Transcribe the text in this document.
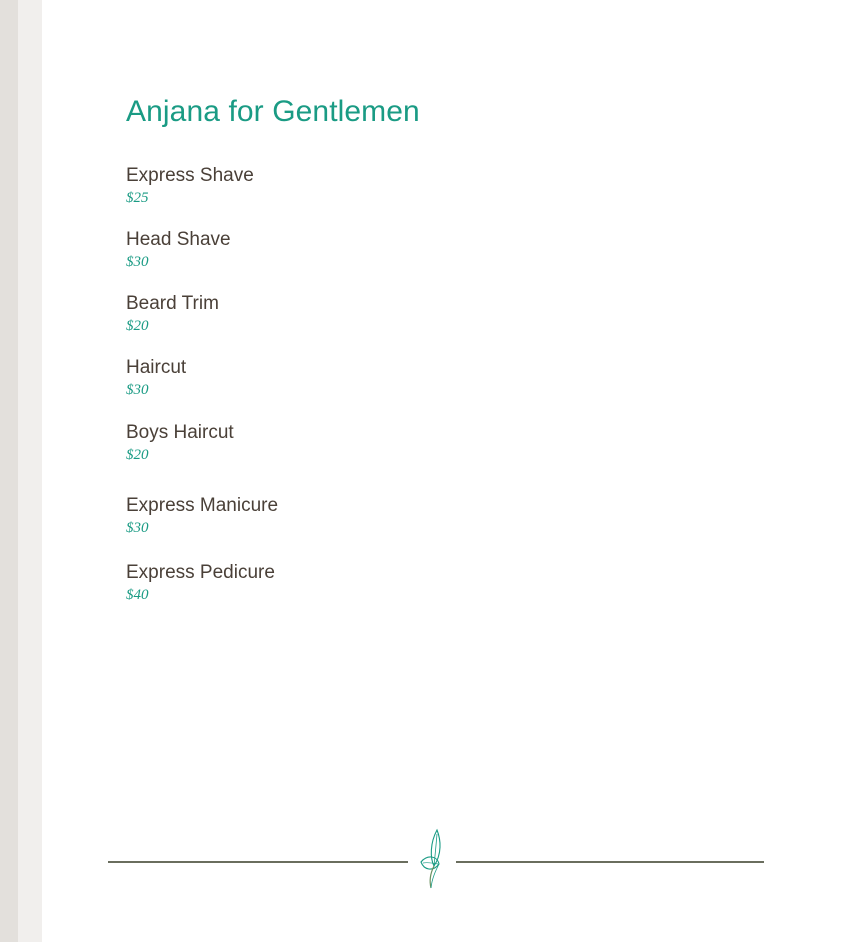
Anjana for Gentlemen
Express Shave
$25
Head Shave
$30
Beard Trim
$20
Haircut
$30
Boys Haircut
$20
Express Manicure
$30
Express Pedicure
$40
